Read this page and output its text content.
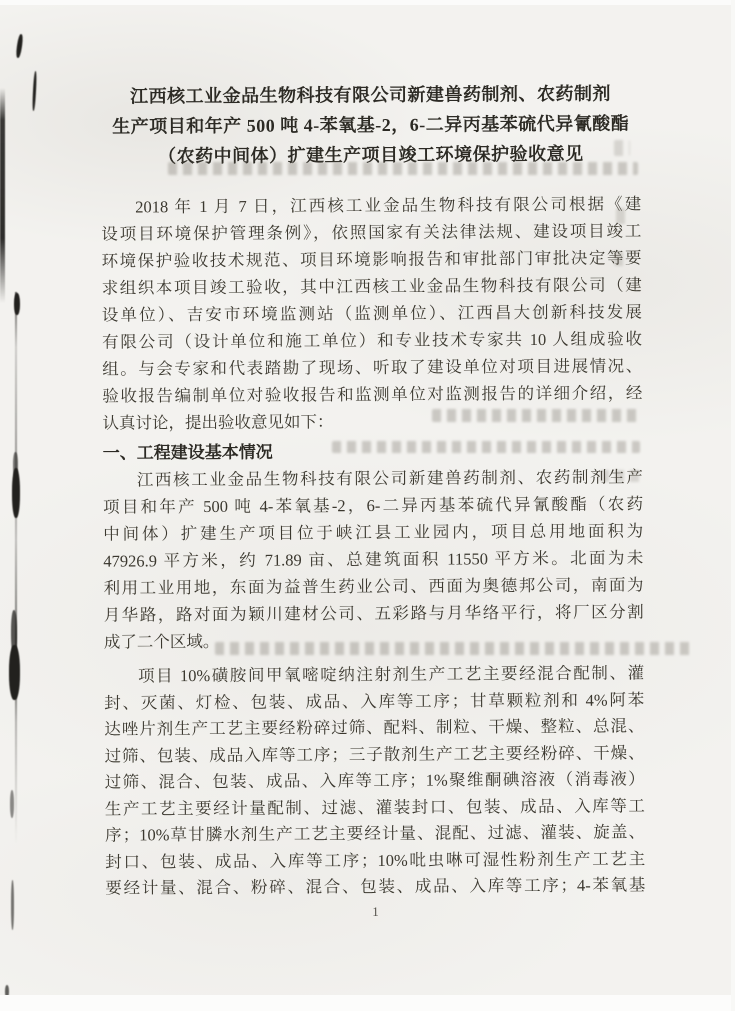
江西核工业金品生物科技有限公司新建兽药制剂、农药制剂
生产项目和年产 500 吨 4-苯氧基-2，6-二异丙基苯硫代异氰酸酯
（农药中间体）扩建生产项目竣工环境保护验收意见
2018 年 1 月 7 日，江西核工业金品生物科技有限公司根据《建
设项目环境保护管理条例》，依照国家有关法律法规、建设项目竣工
环境保护验收技术规范、项目环境影响报告和审批部门审批决定等要
求组织本项目竣工验收，其中江西核工业金品生物科技有限公司（建
设单位）、吉安市环境监测站（监测单位）、江西昌大创新科技发展
有限公司（设计单位和施工单位）和专业技术专家共 10 人组成验收
组。与会专家和代表踏勘了现场、听取了建设单位对项目进展情况、
验收报告编制单位对验收报告和监测单位对监测报告的详细介绍，经
认真讨论，提出验收意见如下：
一、工程建设基本情况
江西核工业金品生物科技有限公司新建兽药制剂、农药制剂生产
项目和年产 500 吨 4-苯氧基-2，6-二异丙基苯硫代异氰酸酯（农药
中间体）扩建生产项目位于峡江县工业园内，项目总用地面积为
47926.9 平方米，约 71.89 亩、总建筑面积 11550 平方米。北面为未
利用工业用地，东面为益普生药业公司、西面为奥德邦公司，南面为
月华路，路对面为颖川建材公司、五彩路与月华络平行，将厂区分割
成了二个区域。
项目 10%磺胺间甲氧嘧啶纳注射剂生产工艺主要经混合配制、灌
封、灭菌、灯检、包装、成品、入库等工序；甘草颗粒剂和 4%阿苯
达唑片剂生产工艺主要经粉碎过筛、配料、制粒、干燥、整粒、总混、
过筛、包装、成品入库等工序；三子散剂生产工艺主要经粉碎、干燥、
过筛、混合、包装、成品、入库等工序；1%聚维酮碘溶液（消毒液）
生产工艺主要经计量配制、过滤、灌装封口、包装、成品、入库等工
序；10%草甘膦水剂生产工艺主要经计量、混配、过滤、灌装、旋盖、
封口、包装、成品、入库等工序；10%吡虫啉可湿性粉剂生产工艺主
要经计量、混合、粉碎、混合、包装、成品、入库等工序；4-苯氧基
1
